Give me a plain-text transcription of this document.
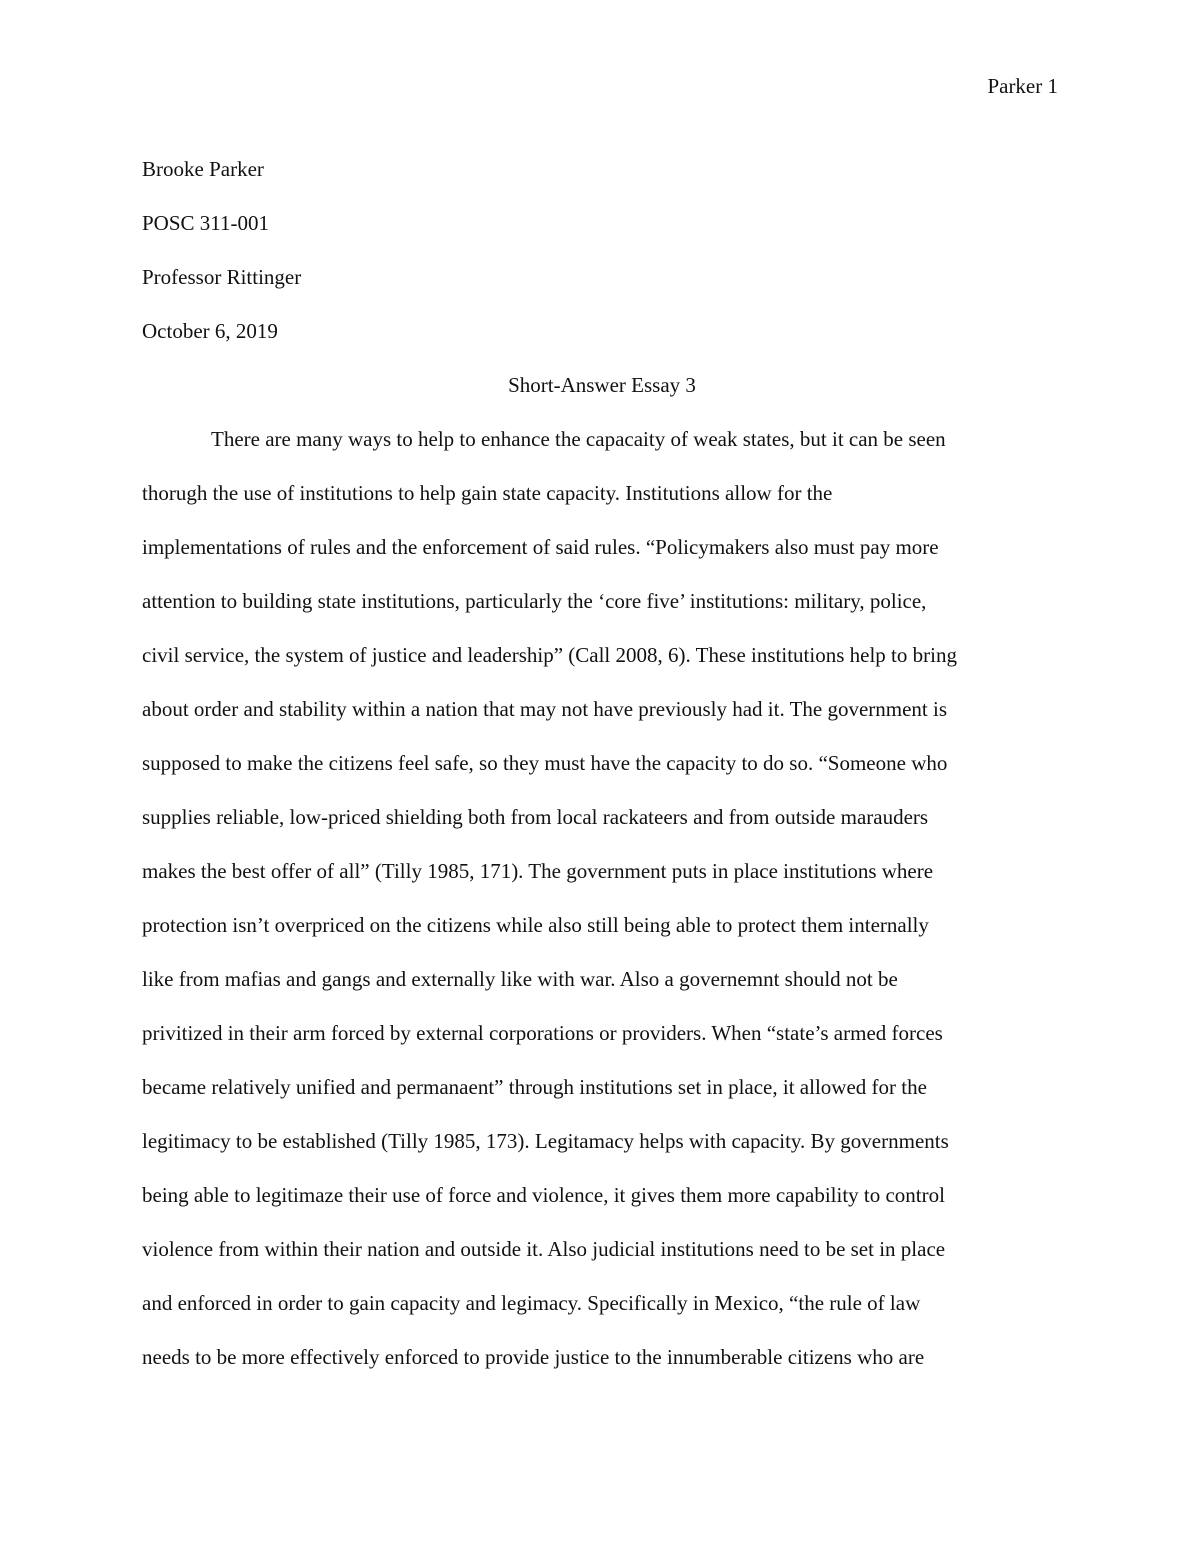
Parker 1

Brooke Parker

POSC 311-001

Professor Rittinger

October 6, 2019

Short-Answer Essay 3

There are many ways to help to enhance the capacaity of weak states, but it can be seen

thorugh the use of institutions to help gain state capacity. Institutions allow for the

implementations of rules and the enforcement of said rules. “Policymakers also must pay more

attention to building state institutions, particularly the ‘core five’ institutions: military, police,

civil service, the system of justice and leadership” (Call 2008, 6). These institutions help to bring

about order and stability within a nation that may not have previously had it. The government is

supposed to make the citizens feel safe, so they must have the capacity to do so. “Someone who

supplies reliable, low-priced shielding both from local rackateers and from outside marauders

makes the best offer of all” (Tilly 1985, 171). The government puts in place institutions where

protection isn’t overpriced on the citizens while also still being able to protect them internally

like from mafias and gangs and externally like with war. Also a governemnt should not be

privitized in their arm forced by external corporations or providers. When “state’s armed forces

became relatively unified and permanaent” through institutions set in place, it allowed for the

legitimacy to be established (Tilly 1985, 173). Legitamacy helps with capacity. By governments

being able to legitimaze their use of force and violence, it gives them more capability to control

violence from within their nation and outside it. Also judicial institutions need to be set in place

and enforced in order to gain capacity and legimacy. Specifically in Mexico, “the rule of law

needs to be more effectively enforced to provide justice to the innumberable citizens who are
